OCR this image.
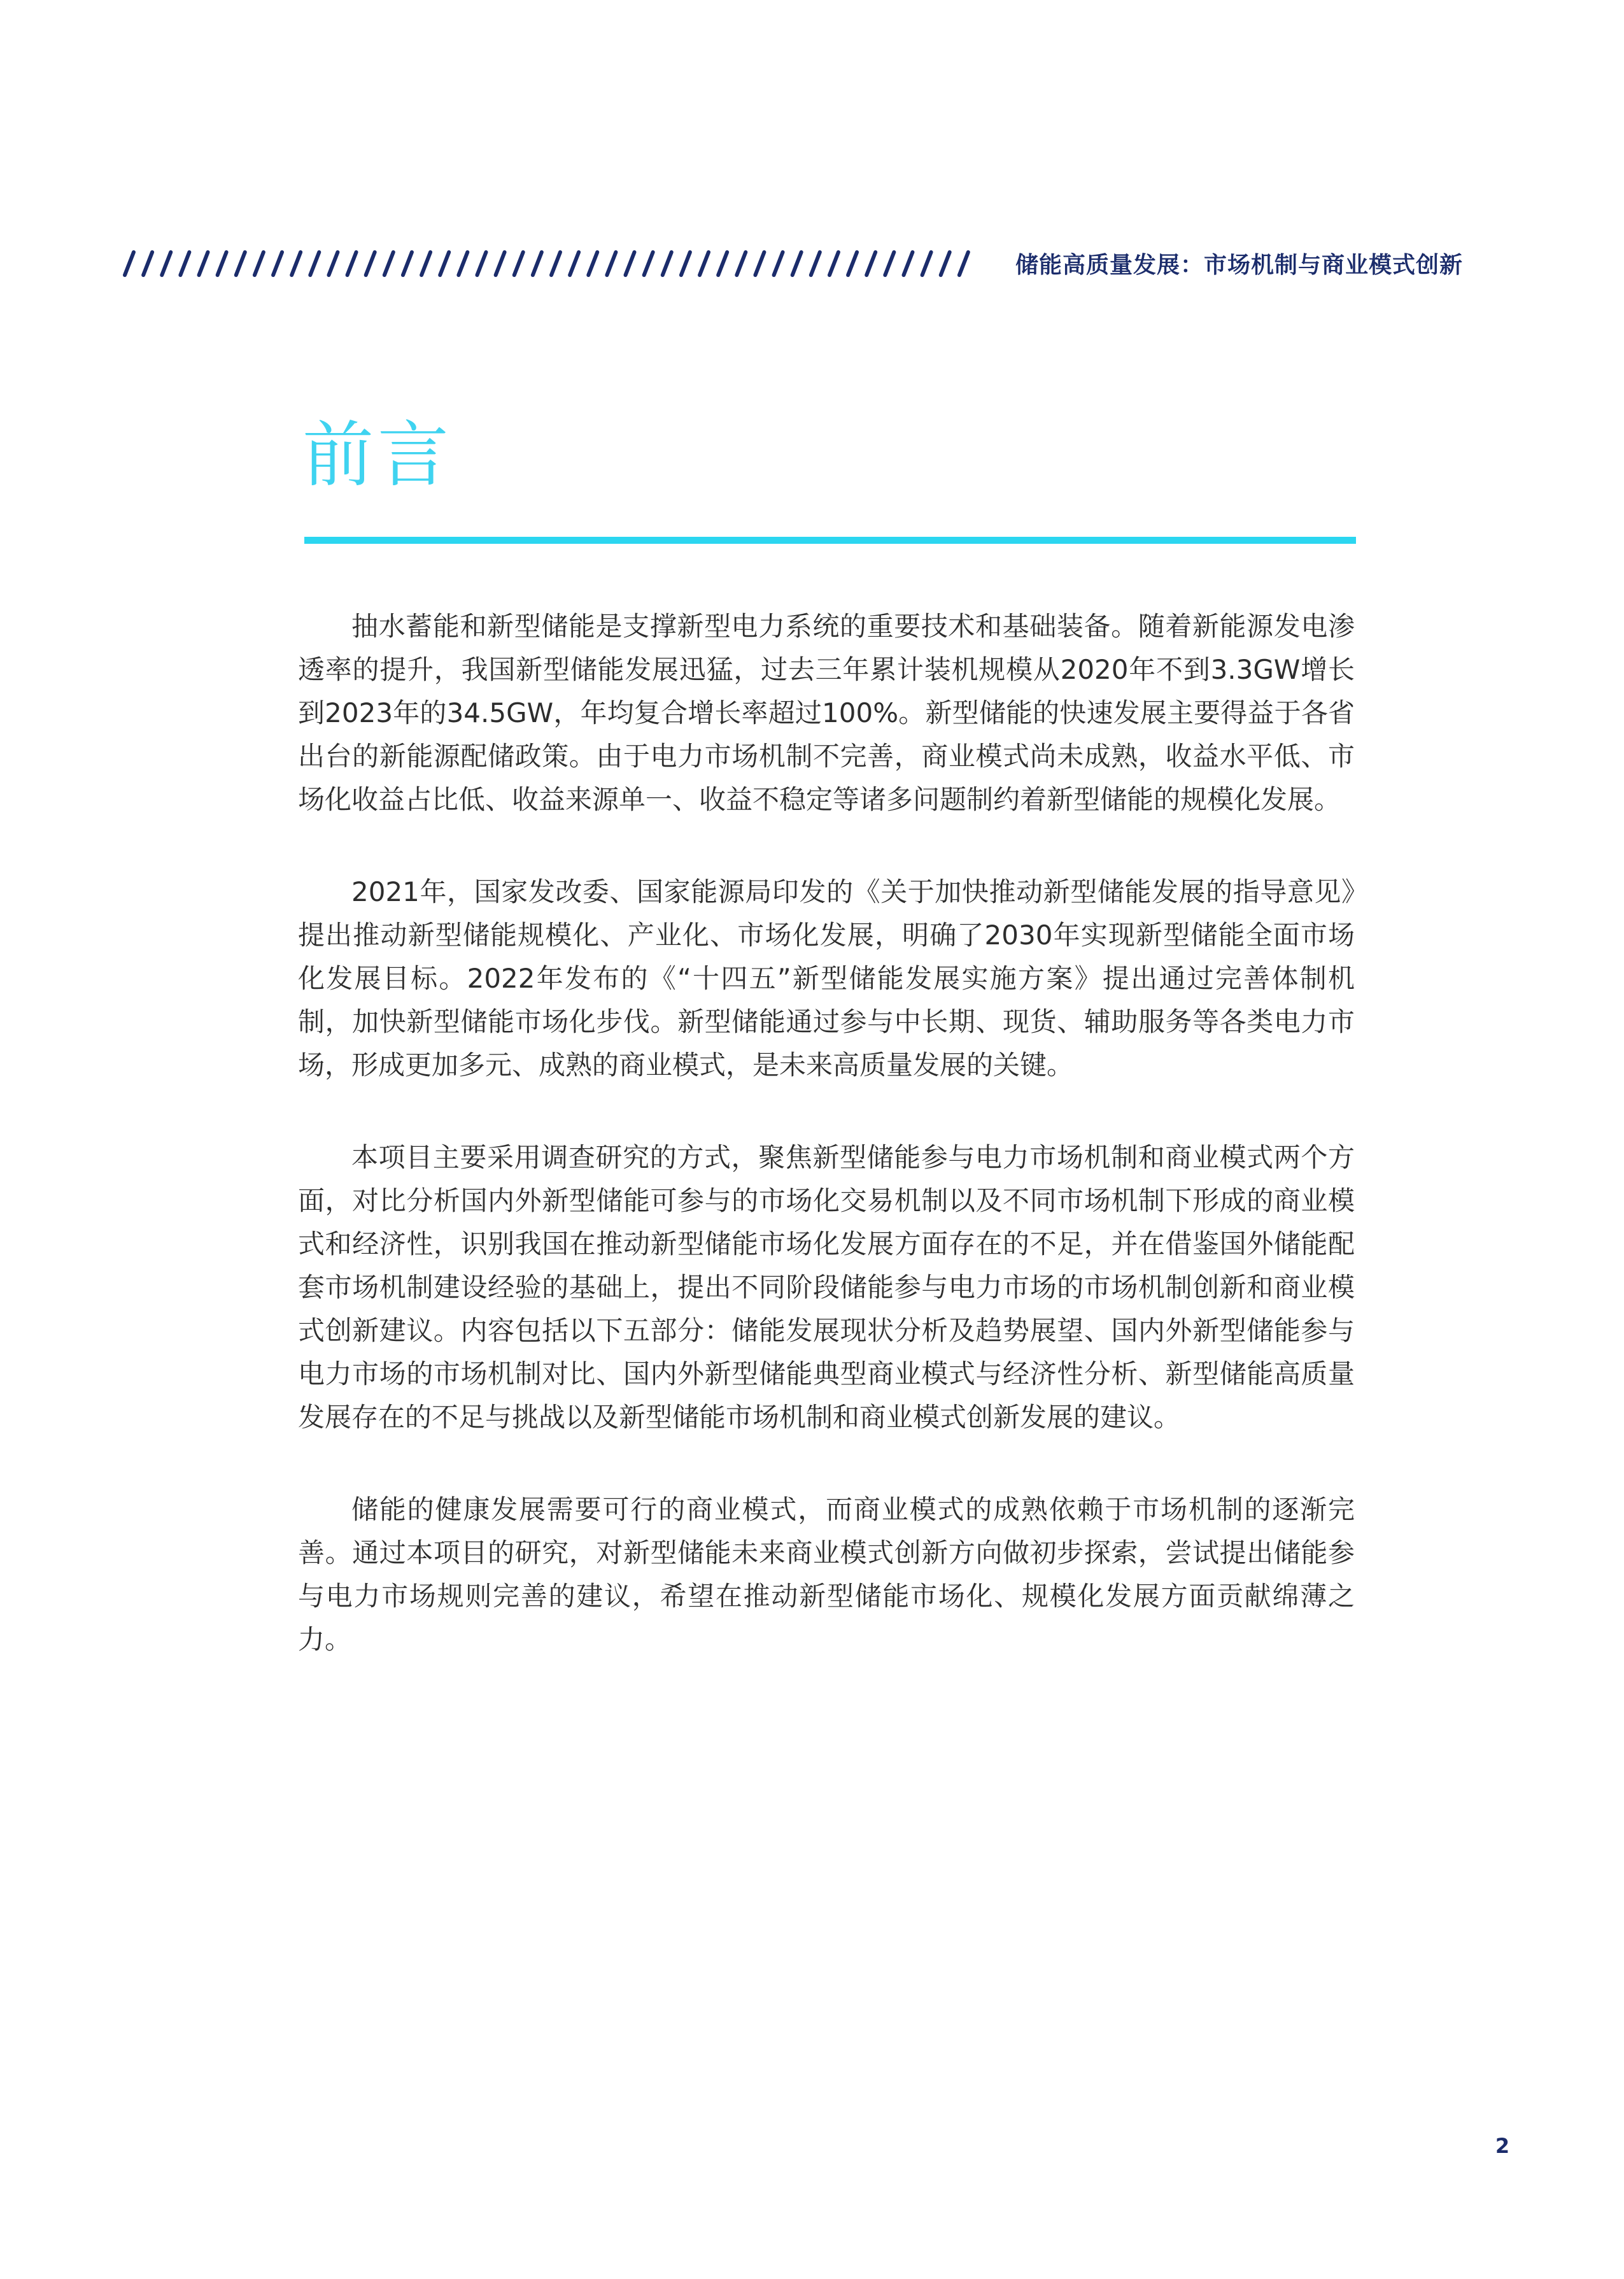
储能高质量发展：市场机制与商业模式创新
前言

抽水蓄能和新型储能是支撑新型电力系统的重要技术和基础装备。随着新能源发电渗透率的提升，我国新型储能发展迅猛，过去三年累计装机规模从2020年不到3.3GW增长到2023年的34.5GW，年均复合增长率超过100%。新型储能的快速发展主要得益于各省出台的新能源配储政策。由于电力市场机制不完善，商业模式尚未成熟，收益水平低、市场化收益占比低、收益来源单一、收益不稳定等诸多问题制约着新型储能的规模化发展。

2021年，国家发改委、国家能源局印发的《关于加快推动新型储能发展的指导意见》提出推动新型储能规模化、产业化、市场化发展，明确了2030年实现新型储能全面市场化发展目标。2022年发布的《“十四五”新型储能发展实施方案》提出通过完善体制机制，加快新型储能市场化步伐。新型储能通过参与中长期、现货、辅助服务等各类电力市场，形成更加多元、成熟的商业模式，是未来高质量发展的关键。

本项目主要采用调查研究的方式，聚焦新型储能参与电力市场机制和商业模式两个方面，对比分析国内外新型储能可参与的市场化交易机制以及不同市场机制下形成的商业模式和经济性，识别我国在推动新型储能市场化发展方面存在的不足，并在借鉴国外储能配套市场机制建设经验的基础上，提出不同阶段储能参与电力市场的市场机制创新和商业模式创新建议。内容包括以下五部分：储能发展现状分析及趋势展望、国内外新型储能参与电力市场的市场机制对比、国内外新型储能典型商业模式与经济性分析、新型储能高质量发展存在的不足与挑战以及新型储能市场机制和商业模式创新发展的建议。

储能的健康发展需要可行的商业模式，而商业模式的成熟依赖于市场机制的逐渐完善。通过本项目的研究，对新型储能未来商业模式创新方向做初步探索，尝试提出储能参与电力市场规则完善的建议，希望在推动新型储能市场化、规模化发展方面贡献绵薄之力。

2
